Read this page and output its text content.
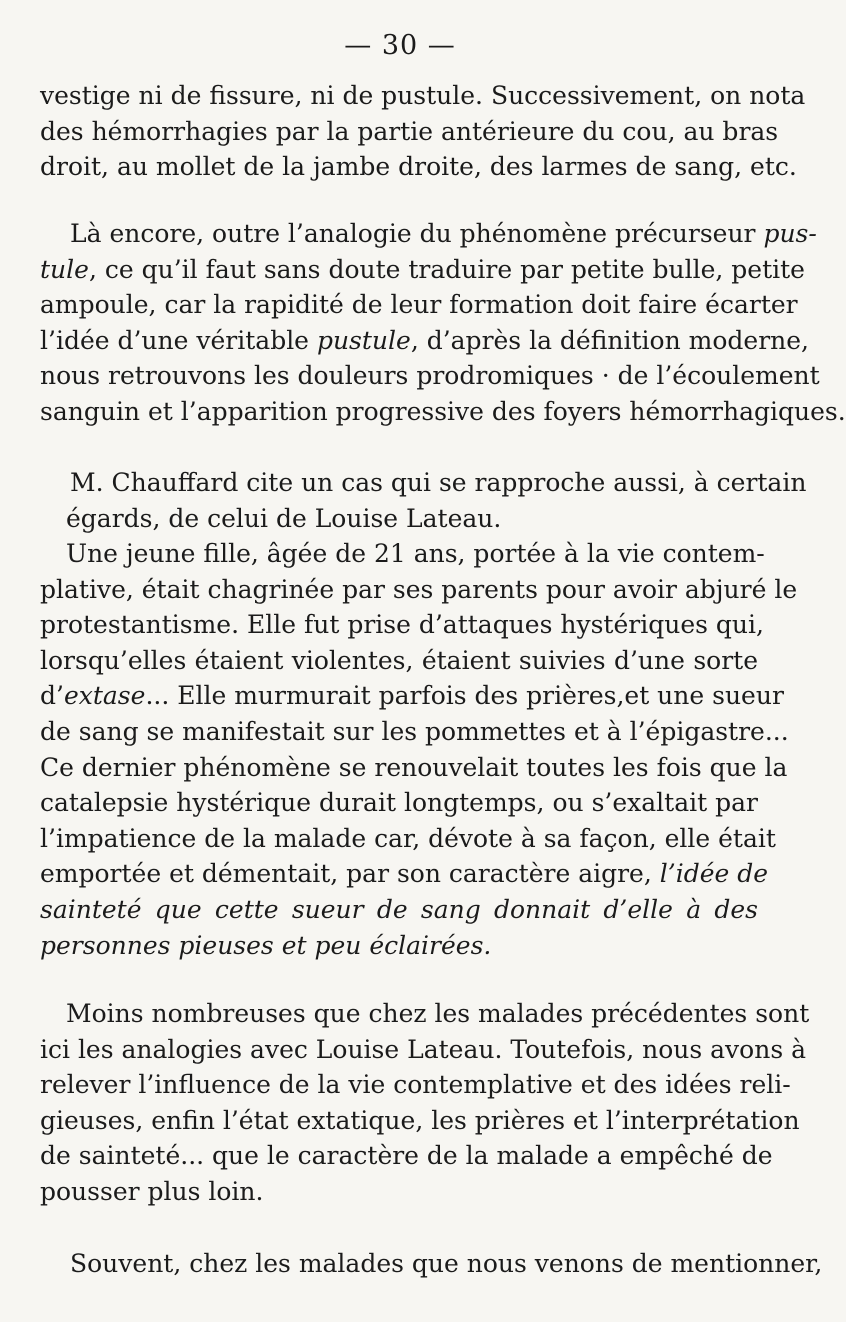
— 30 —
vestige ni de fissure, ni de pustule. Successivement, on nota
des hémorrhagies par la partie antérieure du cou, au bras
droit, au mollet de la jambe droite, des larmes de sang, etc.
Là encore, outre l’analogie du phénomène précurseur pus-
tule, ce qu’il faut sans doute traduire par petite bulle, petite
ampoule, car la rapidité de leur formation doit faire écarter
l’idée d’une véritable pustule, d’après la définition moderne,
nous retrouvons les douleurs prodromiques · de l’écoulement
sanguin et l’apparition progressive des foyers hémorrhagiques.
M. Chauffard cite un cas qui se rapproche aussi, à certain
égards, de celui de Louise Lateau.
Une jeune fille, âgée de 21 ans, portée à la vie contem-
plative, était chagrinée par ses parents pour avoir abjuré le
protestantisme. Elle fut prise d’attaques hystériques qui,
lorsqu’elles étaient violentes, étaient suivies d’une sorte
d’extase... Elle murmurait parfois des prières,et une sueur
de sang se manifestait sur les pommettes et à l’épigastre...
Ce dernier phénomène se renouvelait toutes les fois que la
catalepsie hystérique durait longtemps, ou s’exaltait par
l’impatience de la malade car, dévote à sa façon, elle était
emportée et démentait, par son caractère aigre, l’idée de
sainteté que cette sueur de sang donnait d’elle à des
personnes pieuses et peu éclairées.
Moins nombreuses que chez les malades précédentes sont
ici les analogies avec Louise Lateau. Toutefois, nous avons à
relever l’influence de la vie contemplative et des idées reli-
gieuses, enfin l’état extatique, les prières et l’interprétation
de sainteté... que le caractère de la malade a empêché de
pousser plus loin.
Souvent, chez les malades que nous venons de mentionner,
